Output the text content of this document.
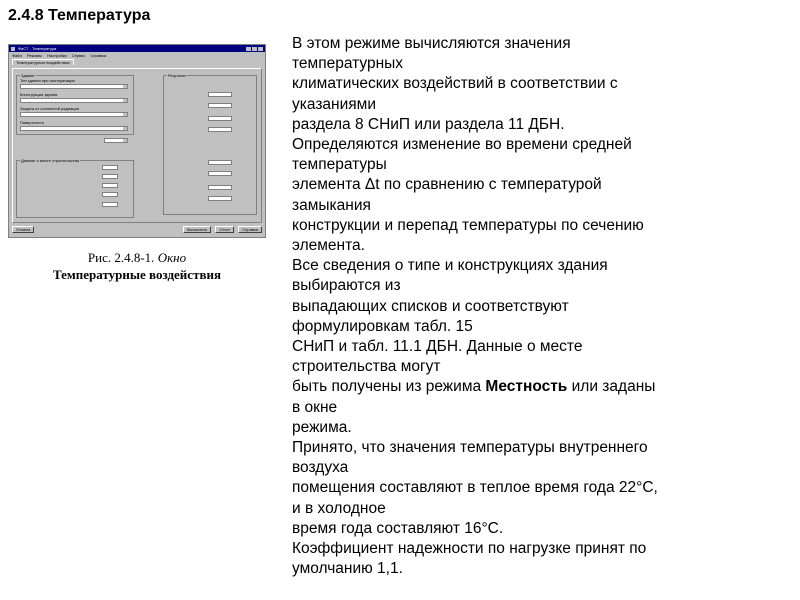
2.4.8 Температура
ФиСТ - Температура
Файл Режимы Настройки Сервис Справка
Температурные воздействия
Здание
Тип здания при эксплуатации
Конструкция здания
Защита от солнечной радиации
Поверхность
Данные о месте строительства
Результат
Отмена	Вычислить	Отчет	Справка
Рис. 2.4.8-1. Окно
Температурные воздействия
В этом режиме вычисляются значения
температурных
климатических воздействий в соответствии с
указаниями
раздела 8 СНиП или раздела 11 ДБН.
Определяются изменение во времени средней
температуры
элемента Δt по сравнению с температурой
замыкания
конструкции и перепад температуры по сечению
элемента.
Все сведения о типе и конструкциях здания
выбираются из
выпадающих списков и соответствуют
формулировкам табл. 15
СНиП и табл. 11.1 ДБН. Данные о месте
строительства могут
быть получены из режима Местность или заданы
в окне
режима.
Принято, что значения температуры внутреннего
воздуха
помещения составляют в теплое время года 22°С,
и в холодное
время года составляют 16°С.
Коэффициент надежности по нагрузке принят по
умолчанию 1,1.
